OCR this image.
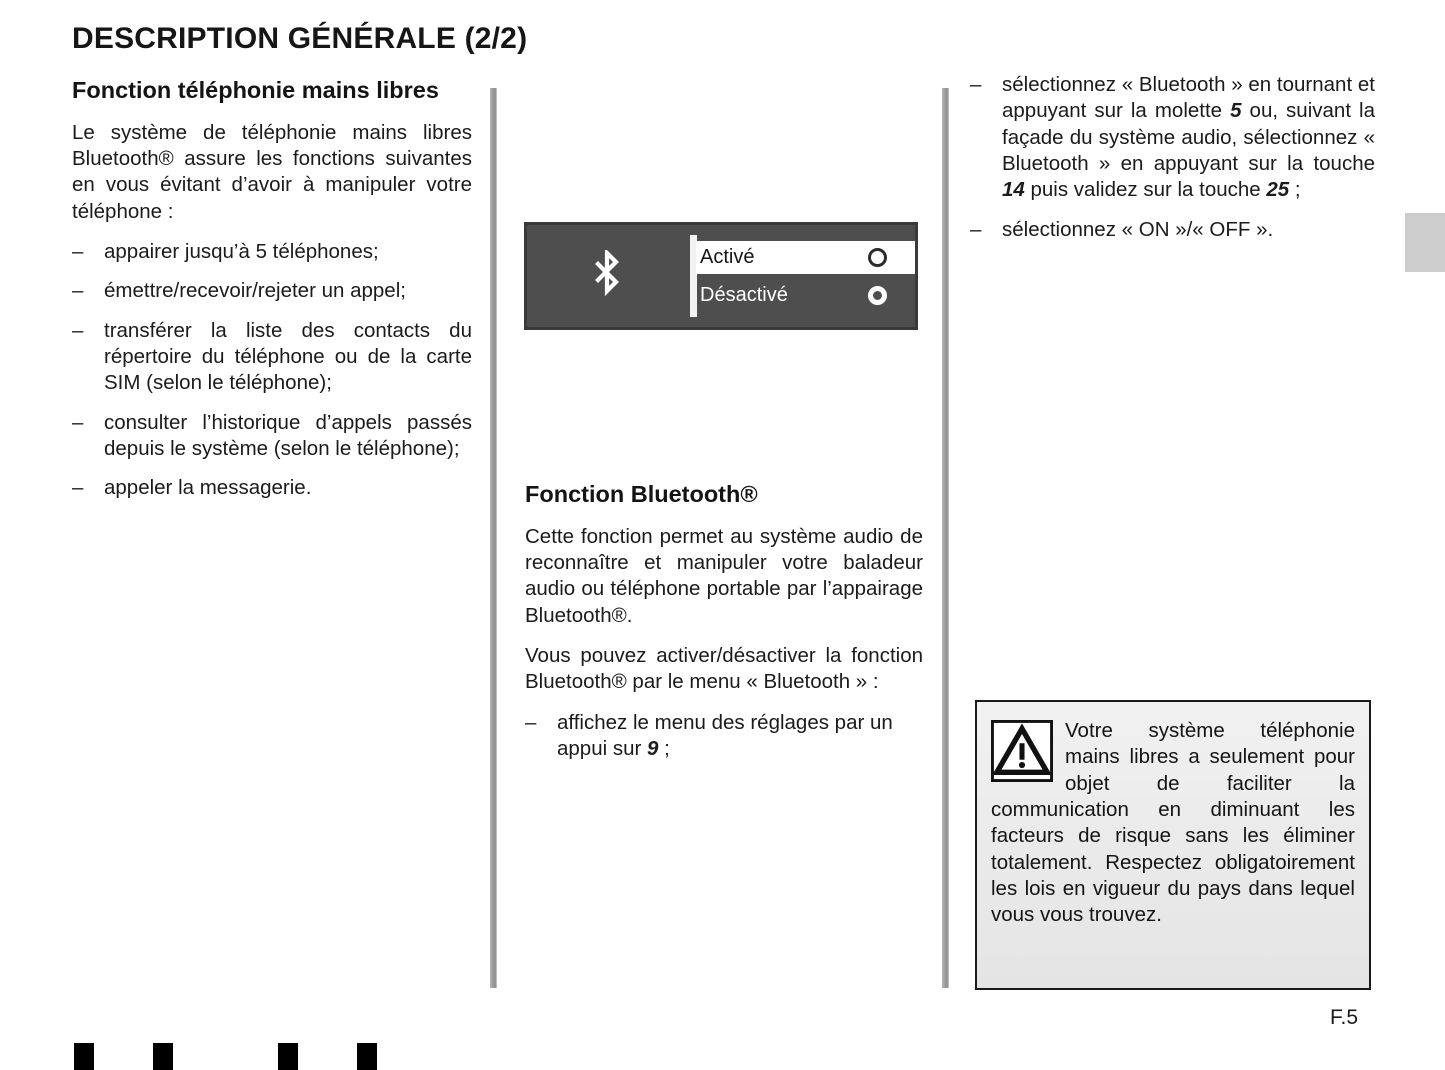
DESCRIPTION GÉNÉRALE (2/2)
Fonction téléphonie mains libres

Le système de téléphonie mains libres Bluetooth® assure les fonctions suivantes en vous évitant d’avoir à manipuler votre téléphone :

– appairer jusqu’à 5 téléphones;
– émettre/recevoir/rejeter un appel;
– transférer la liste des contacts du répertoire du téléphone ou de la carte SIM (selon le téléphone);
– consulter l’historique d’appels passés depuis le système (selon le téléphone);
– appeler la messagerie.
Activé
Désactivé
Fonction Bluetooth®

Cette fonction permet au système audio de reconnaître et manipuler votre baladeur audio ou téléphone portable par l’appairage Bluetooth®.

Vous pouvez activer/désactiver la fonction Bluetooth® par le menu « Bluetooth » :

– affichez le menu des réglages par un appui sur 9 ;
– sélectionnez « Bluetooth » en tournant et appuyant sur la molette 5 ou, suivant la façade du système audio, sélectionnez « Bluetooth » en appuyant sur la touche 14 puis validez sur la touche 25 ;
– sélectionnez « ON »/« OFF ».

Votre système téléphonie mains libres a seulement pour objet de faciliter la communication en diminuant les facteurs de risque sans les éliminer totalement. Respectez obligatoirement les lois en vigueur du pays dans lequel vous vous trouvez.

F.5
